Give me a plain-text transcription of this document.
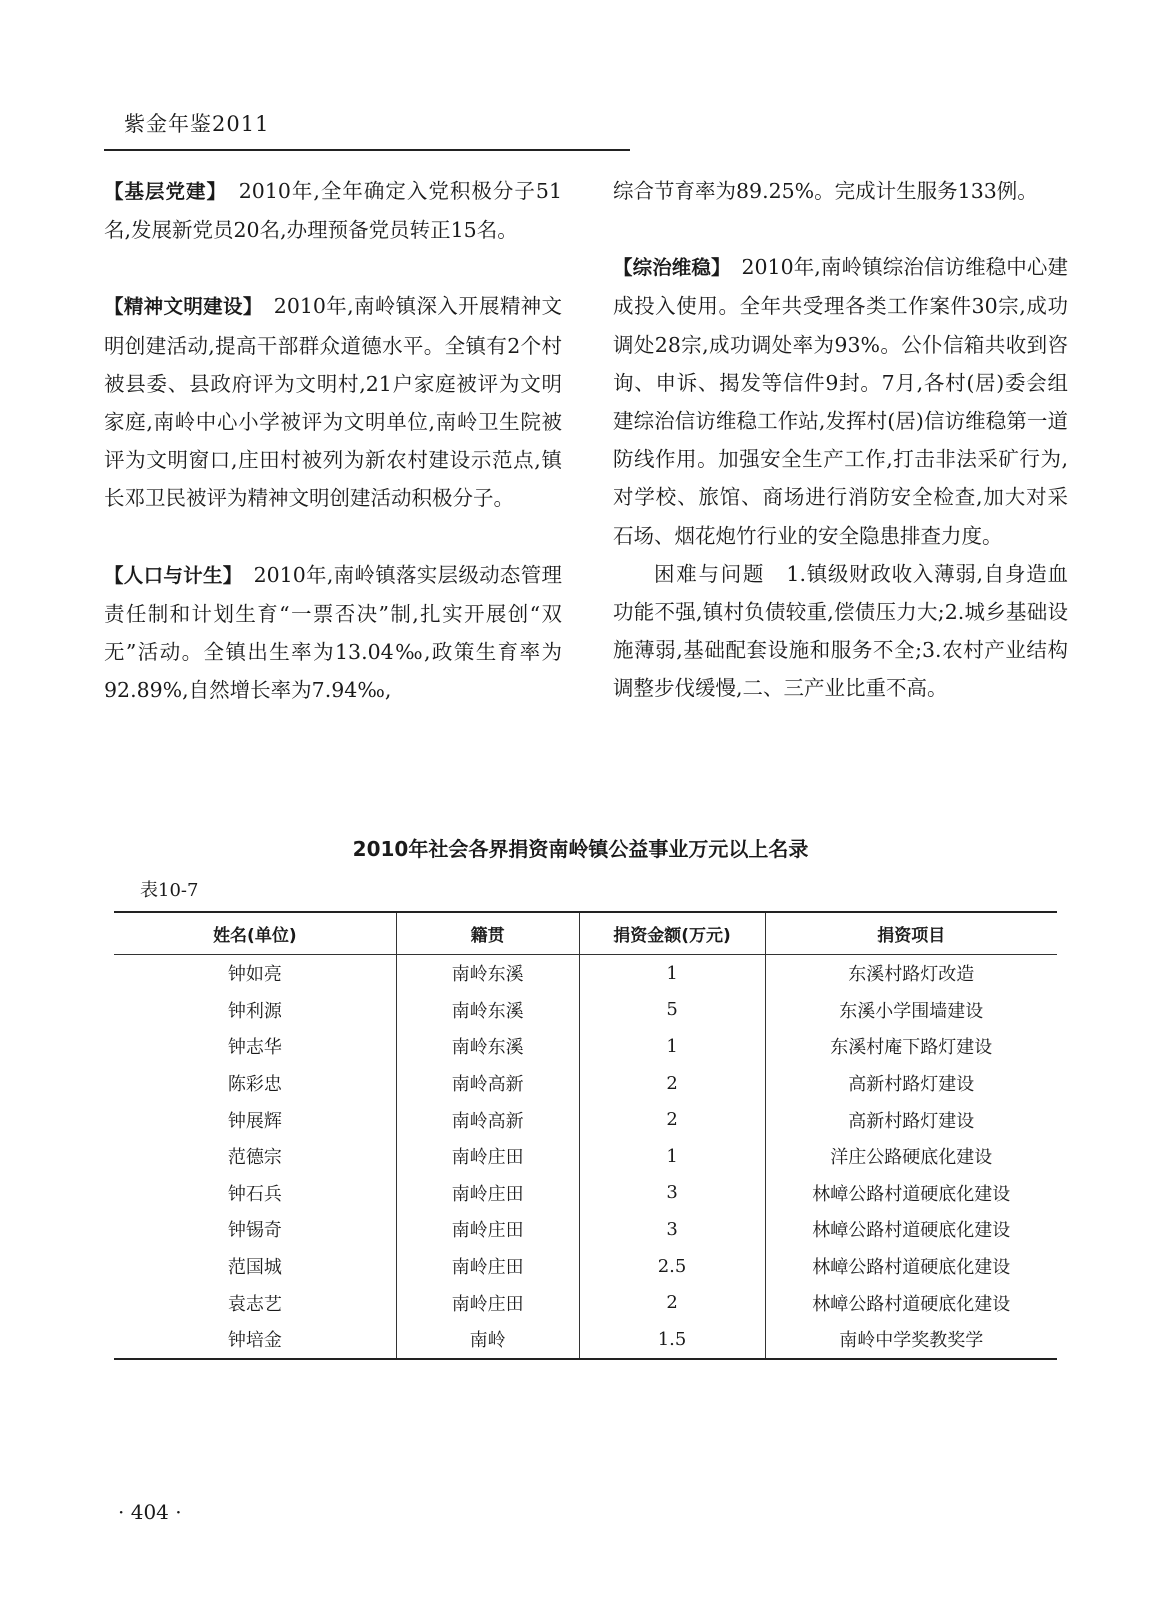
紫金年鉴2011

【基层党建】　2010年,全年确定入党积极分子51名,发展新党员20名,办理预备党员转正15名。

【精神文明建设】　2010年,南岭镇深入开展精神文明创建活动,提高干部群众道德水平。全镇有2个村被县委、县政府评为文明村,21户家庭被评为文明家庭,南岭中心小学被评为文明单位,南岭卫生院被评为文明窗口,庄田村被列为新农村建设示范点,镇长邓卫民被评为精神文明创建活动积极分子。

【人口与计生】　2010年,南岭镇落实层级动态管理责任制和计划生育“一票否决”制,扎实开展创“双无”活动。全镇出生率为13.04‰,政策生育率为92.89%,自然增长率为7.94‰,

综合节育率为89.25%。完成计生服务133例。

【综治维稳】　2010年,南岭镇综治信访维稳中心建成投入使用。全年共受理各类工作案件30宗,成功调处28宗,成功调处率为93%。公仆信箱共收到咨询、申诉、揭发等信件9封。7月,各村(居)委会组建综治信访维稳工作站,发挥村(居)信访维稳第一道防线作用。加强安全生产工作,打击非法采矿行为,对学校、旅馆、商场进行消防安全检查,加大对采石场、烟花炮竹行业的安全隐患排查力度。

困难与问题　1.镇级财政收入薄弱,自身造血功能不强,镇村负债较重,偿债压力大;2.城乡基础设施薄弱,基础配套设施和服务不全;3.农村产业结构调整步伐缓慢,二、三产业比重不高。

2010年社会各界捐资南岭镇公益事业万元以上名录
表10-7
姓名(单位)	籍贯	捐资金额(万元)	捐资项目
钟如亮	南岭东溪	1	东溪村路灯改造
钟利源	南岭东溪	5	东溪小学围墙建设
钟志华	南岭东溪	1	东溪村庵下路灯建设
陈彩忠	南岭高新	2	高新村路灯建设
钟展辉	南岭高新	2	高新村路灯建设
范德宗	南岭庄田	1	洋庄公路硬底化建设
钟石兵	南岭庄田	3	林嶂公路村道硬底化建设
钟锡奇	南岭庄田	3	林嶂公路村道硬底化建设
范国城	南岭庄田	2.5	林嶂公路村道硬底化建设
袁志艺	南岭庄田	2	林嶂公路村道硬底化建设
钟培金	南岭	1.5	南岭中学奖教奖学
· 404 ·
